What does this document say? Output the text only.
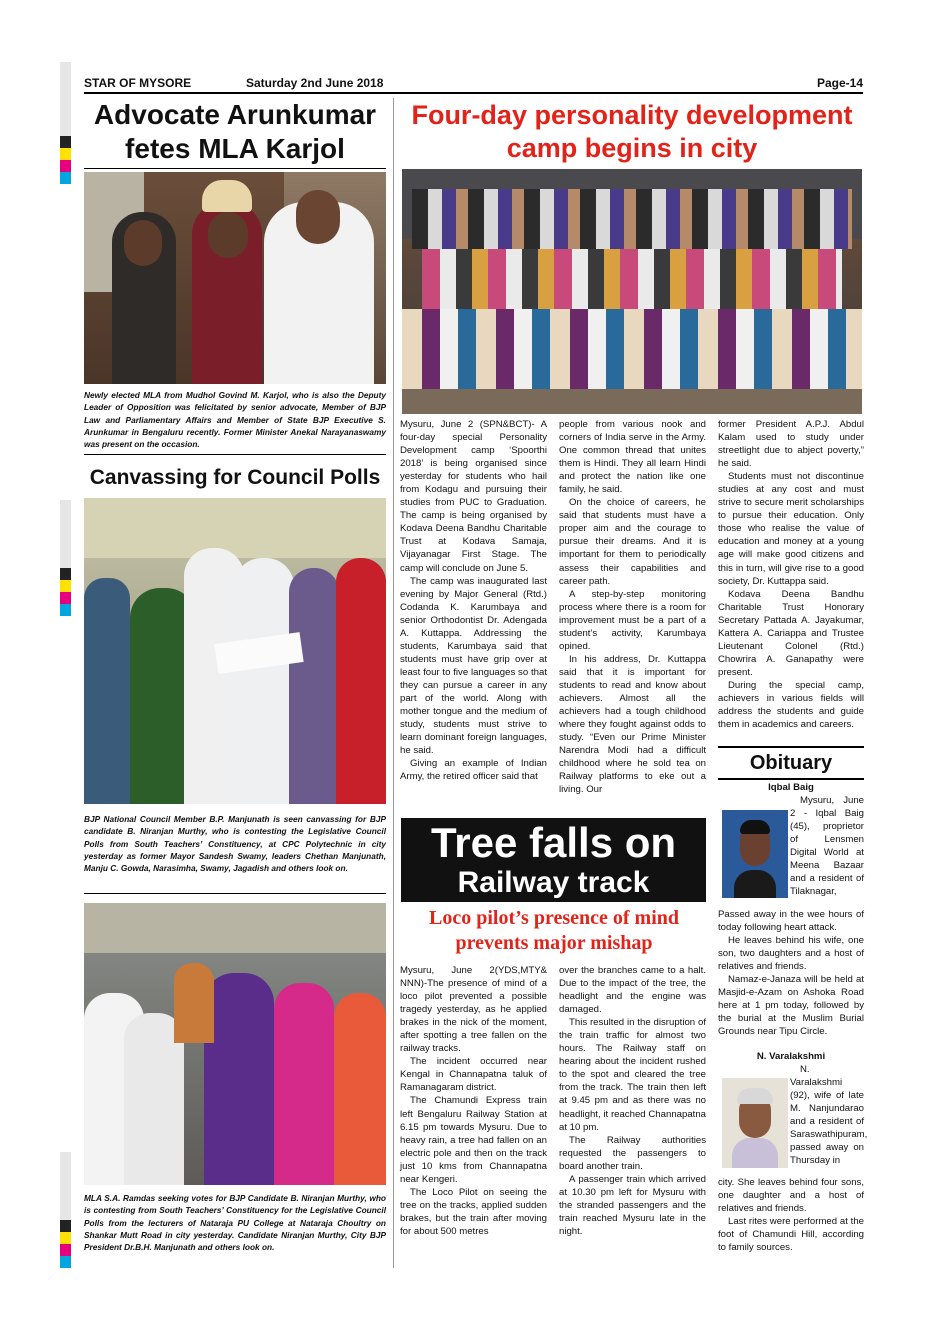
STAR OF MYSORE	Saturday 2nd June 2018	Page-14
Advocate Arunkumar fetes MLA Karjol
Newly elected MLA from Mudhol Govind M. Karjol, who is also the Deputy Leader of Opposition was felicitated by senior advocate, Member of BJP Law and Parliamentary Affairs and Member of State BJP Executive S. Arunkumar in Bengaluru recently. Former Minister Anekal Narayanaswamy was present on the occasion.
Canvassing for Council Polls
BJP National Council Member B.P. Manjunath is seen canvassing for BJP candidate B. Niranjan Murthy, who is contesting the Legislative Council Polls from South Teachers’ Constituency, at CPC Polytechnic in city yesterday as former Mayor Sandesh Swamy, leaders Chethan Manjunath, Manju C. Gowda, Narasimha, Swamy, Jagadish and others look on.
MLA S.A. Ramdas seeking votes for BJP Candidate B. Niranjan Murthy, who is contesting from South Teachers’ Constituency for the Legislative Council Polls from the lecturers of Nataraja PU College at Nataraja Choultry on Shankar Mutt Road in city yesterday. Candidate Niranjan Murthy, City BJP President Dr.B.H. Manjunath and others look on.
Four-day personality development
camp begins in city

Mysuru, June 2 (SPN&BCT)- A four-day special Personality Development camp ‘Spoorthi 2018’ is being organised since yesterday for students who hail from Kodagu and pursuing their studies from PUC to Graduation. The camp is being organised by Kodava Deena Bandhu Charitable Trust at Kodava Samaja, Vijayanagar First Stage. The camp will conclude on June 5.

The camp was inaugurated last evening by Major General (Rtd.) Codanda K. Karumbaya and senior Orthodontist Dr. Adengada A. Kuttappa. Addressing the students, Karumbaya said that students must have grip over at least four to five languages so that they can pursue a career in any part of the world. Along with mother tongue and the medium of study, students must strive to learn dominant foreign languages, he said.

Giving an example of Indian Army, the retired officer said that

people from various nook and corners of India serve in the Army. One common thread that unites them is Hindi. They all learn Hindi and protect the nation like one family, he said.

On the choice of careers, he said that students must have a proper aim and the courage to pursue their dreams. And it is important for them to periodically assess their capabilities and career path.

A step-by-step monitoring process where there is a room for improvement must be a part of a student’s activity, Karumbaya opined.

In his address, Dr. Kuttappa said that it is important for students to read and know about achievers. Almost all the achievers had a tough childhood where they fought against odds to study. “Even our Prime Minister Narendra Modi had a difficult childhood where he sold tea on Railway platforms to eke out a living. Our

former President A.P.J. Abdul Kalam used to study under streetlight due to abject poverty,” he said.

Students must not discontinue studies at any cost and must strive to secure merit scholarships to pursue their education. Only those who realise the value of education and money at a young age will make good citizens and this in turn, will give rise to a good society, Dr. Kuttappa said.

Kodava Deena Bandhu Charitable Trust Honorary Secretary Pattada A. Jayakumar, Kattera A. Cariappa and Trustee Lieutenant Colonel (Rtd.) Chowrira A. Ganapathy were present.

During the special camp, achievers in various fields will address the students and guide them in academics and careers.

Tree falls on
Railway track
Loco pilot’s presence of mind
prevents major mishap

Mysuru, June 2(YDS,MTY& NNN)-The presence of mind of a loco pilot prevented a possible tragedy yesterday, as he applied brakes in the nick of the moment, after spotting a tree fallen on the railway tracks.

The incident occurred near Kengal in Channapatna taluk of Ramanagaram district.

The Chamundi Express train left Bengaluru Railway Station at 6.15 pm towards Mysuru. Due to heavy rain, a tree had fallen on an electric pole and then on the track just 10 kms from Channapatna near Kengeri.

The Loco Pilot on seeing the tree on the tracks, applied sudden brakes, but the train after moving for about 500 metres

over the branches came to a halt. Due to the impact of the tree, the headlight and the engine was damaged.

This resulted in the disruption of the train traffic for almost two hours. The Railway staff on hearing about the incident rushed to the spot and cleared the tree from the track. The train then left at 9.45 pm and as there was no headlight, it reached Channapatna at 10 pm.

The Railway authorities requested the passengers to board another train.

A passenger train which arrived at 10.30 pm left for Mysuru with the stranded passengers and the train reached Mysuru late in the night.

Obituary
Iqbal Baig
Mysuru, June 2 - Iqbal Baig (45), proprietor of Lensmen Digital World at Meena Bazaar and a resident of Tilaknagar,

Passed away in the wee hours of today following heart attack.

He leaves behind his wife, one son, two daughters and a host of relatives and friends.

Namaz-e-Janaza will be held at Masjid-e-Azam on Ashoka Road here at 1 pm today, followed by the burial at the Muslim Burial Grounds near Tipu Circle.

N. Varalakshmi
N. Varalakshmi (92), wife of late M. Nanjundarao and a resident of Saraswathipuram, passed away on Thursday in

city. She leaves behind four sons, one daughter and a host of relatives and friends.

Last rites were performed at the foot of Chamundi Hill, according to family sources.
